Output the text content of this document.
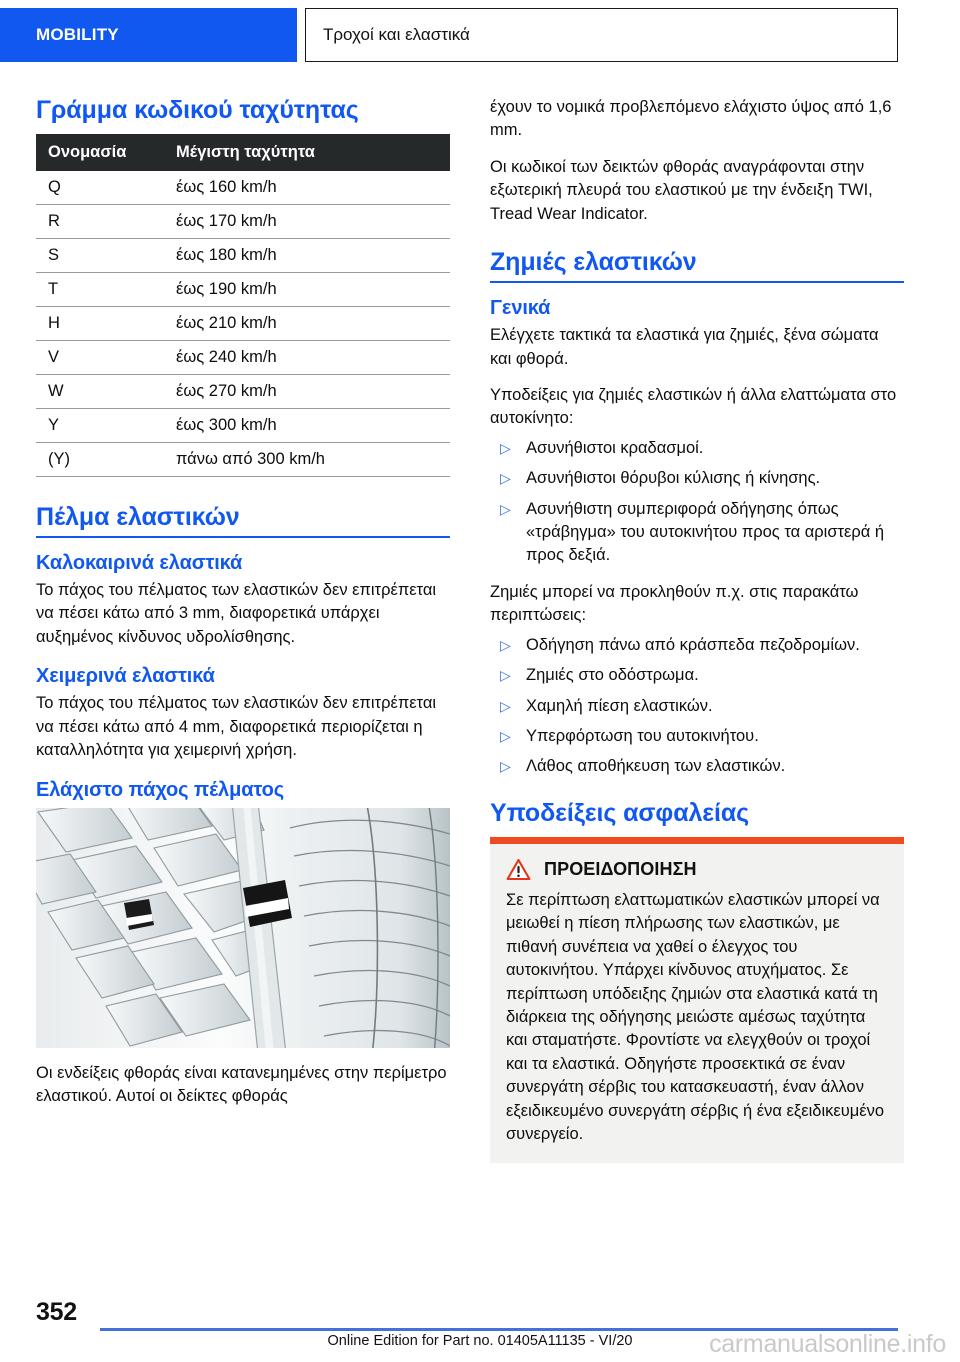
MOBILITY	Τροχοί και ελαστικά
Γράμμα κωδικού ταχύτητας
Ονομασία	Μέγιστη ταχύτητα
Q	έως 160 km/h
R	έως 170 km/h
S	έως 180 km/h
T	έως 190 km/h
H	έως 210 km/h
V	έως 240 km/h
W	έως 270 km/h
Y	έως 300 km/h
(Y)	πάνω από 300 km/h
Πέλμα ελαστικών
Καλοκαιρινά ελαστικά

Το πάχος του πέλματος των ελαστικών δεν επιτρέπεται να πέσει κάτω από 3 mm, διαφορετικά υπάρχει αυξημένος κίνδυνος υδρολίσθησης.

Χειμερινά ελαστικά

Το πάχος του πέλματος των ελαστικών δεν επιτρέπεται να πέσει κάτω από 4 mm, διαφορετικά περιορίζεται η καταλληλότητα για χειμερινή χρήση.

Ελάχιστο πάχος πέλματος

Οι ενδείξεις φθοράς είναι κατανεμημένες στην περίμετρο ελαστικού. Αυτοί οι δείκτες φθοράς

έχουν το νομικά προβλεπόμενο ελάχιστο ύψος από 1,6 mm.

Οι κωδικοί των δεικτών φθοράς αναγράφονται στην εξωτερική πλευρά του ελαστικού με την ένδειξη TWI, Tread Wear Indicator.

Ζημιές ελαστικών
Γενικά

Ελέγχετε τακτικά τα ελαστικά για ζημιές, ξένα σώματα και φθορά.

Υποδείξεις για ζημιές ελαστικών ή άλλα ελαττώματα στο αυτοκίνητο:

▷ Ασυνήθιστοι κραδασμοί.
▷ Ασυνήθιστοι θόρυβοι κύλισης ή κίνησης.
▷ Ασυνήθιστη συμπεριφορά οδήγησης όπως «τράβηγμα» του αυτοκινήτου προς τα αριστερά ή προς δεξιά.

Ζημιές μπορεί να προκληθούν π.χ. στις παρακάτω περιπτώσεις:

▷ Οδήγηση πάνω από κράσπεδα πεζοδρομίων.
▷ Ζημιές στο οδόστρωμα.
▷ Χαμηλή πίεση ελαστικών.
▷ Υπερφόρτωση του αυτοκινήτου.
▷ Λάθος αποθήκευση των ελαστικών.
Υποδείξεις ασφαλείας
ΠΡΟΕΙΔΟΠΟΙΗΣΗ
Σε περίπτωση ελαττωματικών ελαστικών μπορεί να μειωθεί η πίεση πλήρωσης των ελαστικών, με πιθανή συνέπεια να χαθεί ο έλεγχος του αυτοκινήτου. Υπάρχει κίνδυνος ατυχήματος. Σε περίπτωση υπόδειξης ζημιών στα ελαστικά κατά τη διάρκεια της οδήγησης μειώστε αμέσως ταχύτητα και σταματήστε. Φροντίστε να ελεγχθούν οι τροχοί και τα ελαστικά. Οδηγήστε προσεκτικά σε έναν συνεργάτη σέρβις του κατασκευαστή, έναν άλλον εξειδικευμένο συνεργάτη σέρβις ή ένα εξειδικευμένο συνεργείο.
352
Online Edition for Part no. 01405A11135 - VI/20	carmanualsonline.info
